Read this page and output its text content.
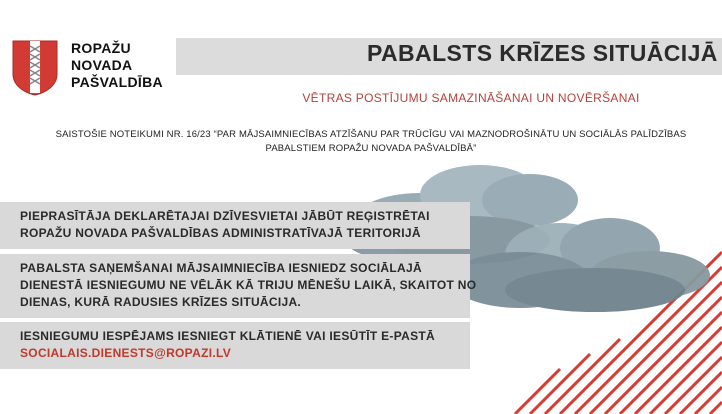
ROPAŽU
NOVADA
PAŠVALDĪBA
PABALSTS KRĪZES SITUĀCIJĀ
VĒTRAS POSTĪJUMU SAMAZINĀŠANAI UN NOVĒRŠANAI
SAISTOŠIE NOTEIKUMI NR. 16/23 “PAR MĀJSAIMNIECĪBAS ATZĪŠANU PAR TRŪCĪGU VAI MAZNODROŠINĀTU UN SOCIĀLĀS PALĪDZĪBAS
PABALSTIEM ROPAŽU NOVADA PAŠVALDĪBĀ”
PIEPRASĪTĀJA DEKLARĒTAJAI DZĪVESVIETAI JĀBŪT REĢISTRĒTAI
ROPAŽU NOVADA PAŠVALDĪBAS ADMINISTRATĪVAJĀ TERITORIJĀ
PABALSTA SAŅEMŠANAI MĀJSAIMNIECĪBA IESNIEDZ SOCIĀLAJĀ
DIENESTĀ IESNIEGUMU NE VĒLĀK KĀ TRIJU MĒNEŠU LAIKĀ, SKAITOT NO
DIENAS, KURĀ RADUSIES KRĪZES SITUĀCIJA.
IESNIEGUMU IESPĒJAMS IESNIEGT KLĀTIENĒ VAI IESŪTĪT E-PASTĀ
SOCIALAIS.DIENESTS@ROPAZI.LV
